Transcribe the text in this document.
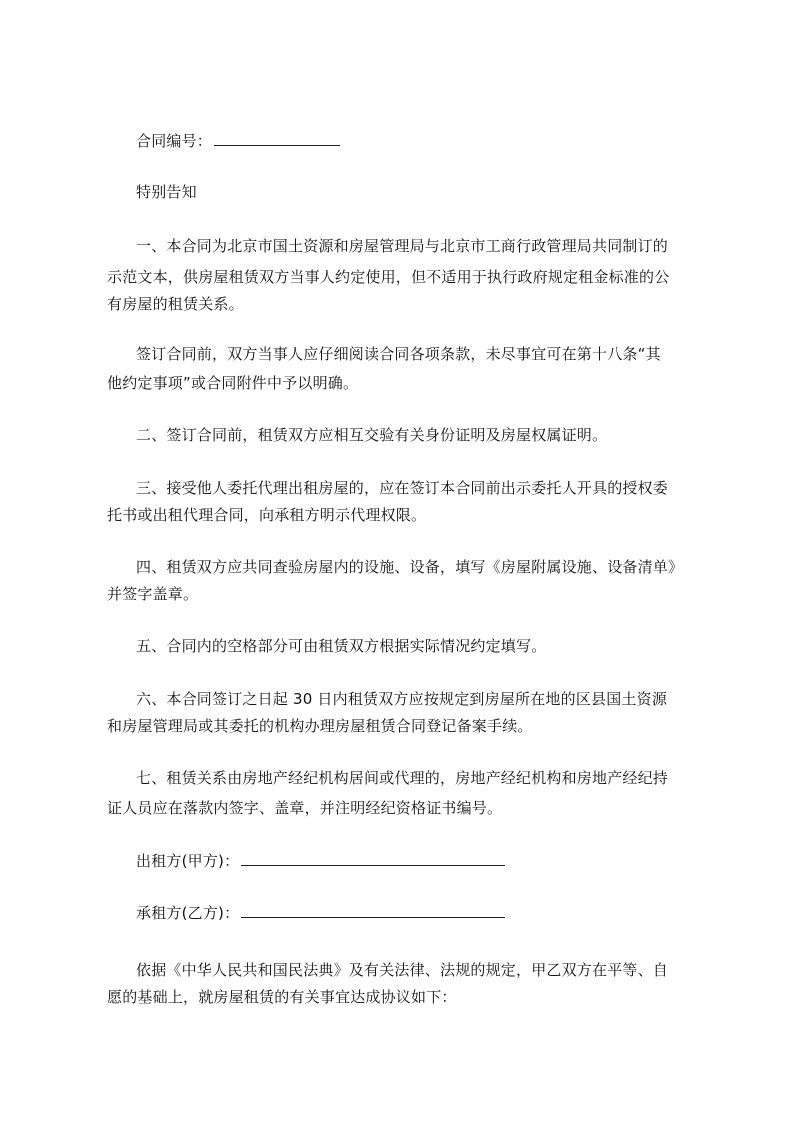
合同编号：
特别告知
一、本合同为北京市国土资源和房屋管理局与北京市工商行政管理局共同制订的
示范文本，供房屋租赁双方当事人约定使用，但不适用于执行政府规定租金标准的公
有房屋的租赁关系。
签订合同前，双方当事人应仔细阅读合同各项条款，未尽事宜可在第十八条“其
他约定事项”或合同附件中予以明确。
二、签订合同前，租赁双方应相互交验有关身份证明及房屋权属证明。
三、接受他人委托代理出租房屋的，应在签订本合同前出示委托人开具的授权委
托书或出租代理合同，向承租方明示代理权限。
四、租赁双方应共同查验房屋内的设施、设备，填写《房屋附属设施、设备清单》
并签字盖章。
五、合同内的空格部分可由租赁双方根据实际情况约定填写。
六、本合同签订之日起 30 日内租赁双方应按规定到房屋所在地的区县国土资源
和房屋管理局或其委托的机构办理房屋租赁合同登记备案手续。
七、租赁关系由房地产经纪机构居间或代理的，房地产经纪机构和房地产经纪持
证人员应在落款内签字、盖章，并注明经纪资格证书编号。
出租方(甲方)：
承租方(乙方)：
依据《中华人民共和国民法典》及有关法律、法规的规定，甲乙双方在平等、自
愿的基础上，就房屋租赁的有关事宜达成协议如下：
